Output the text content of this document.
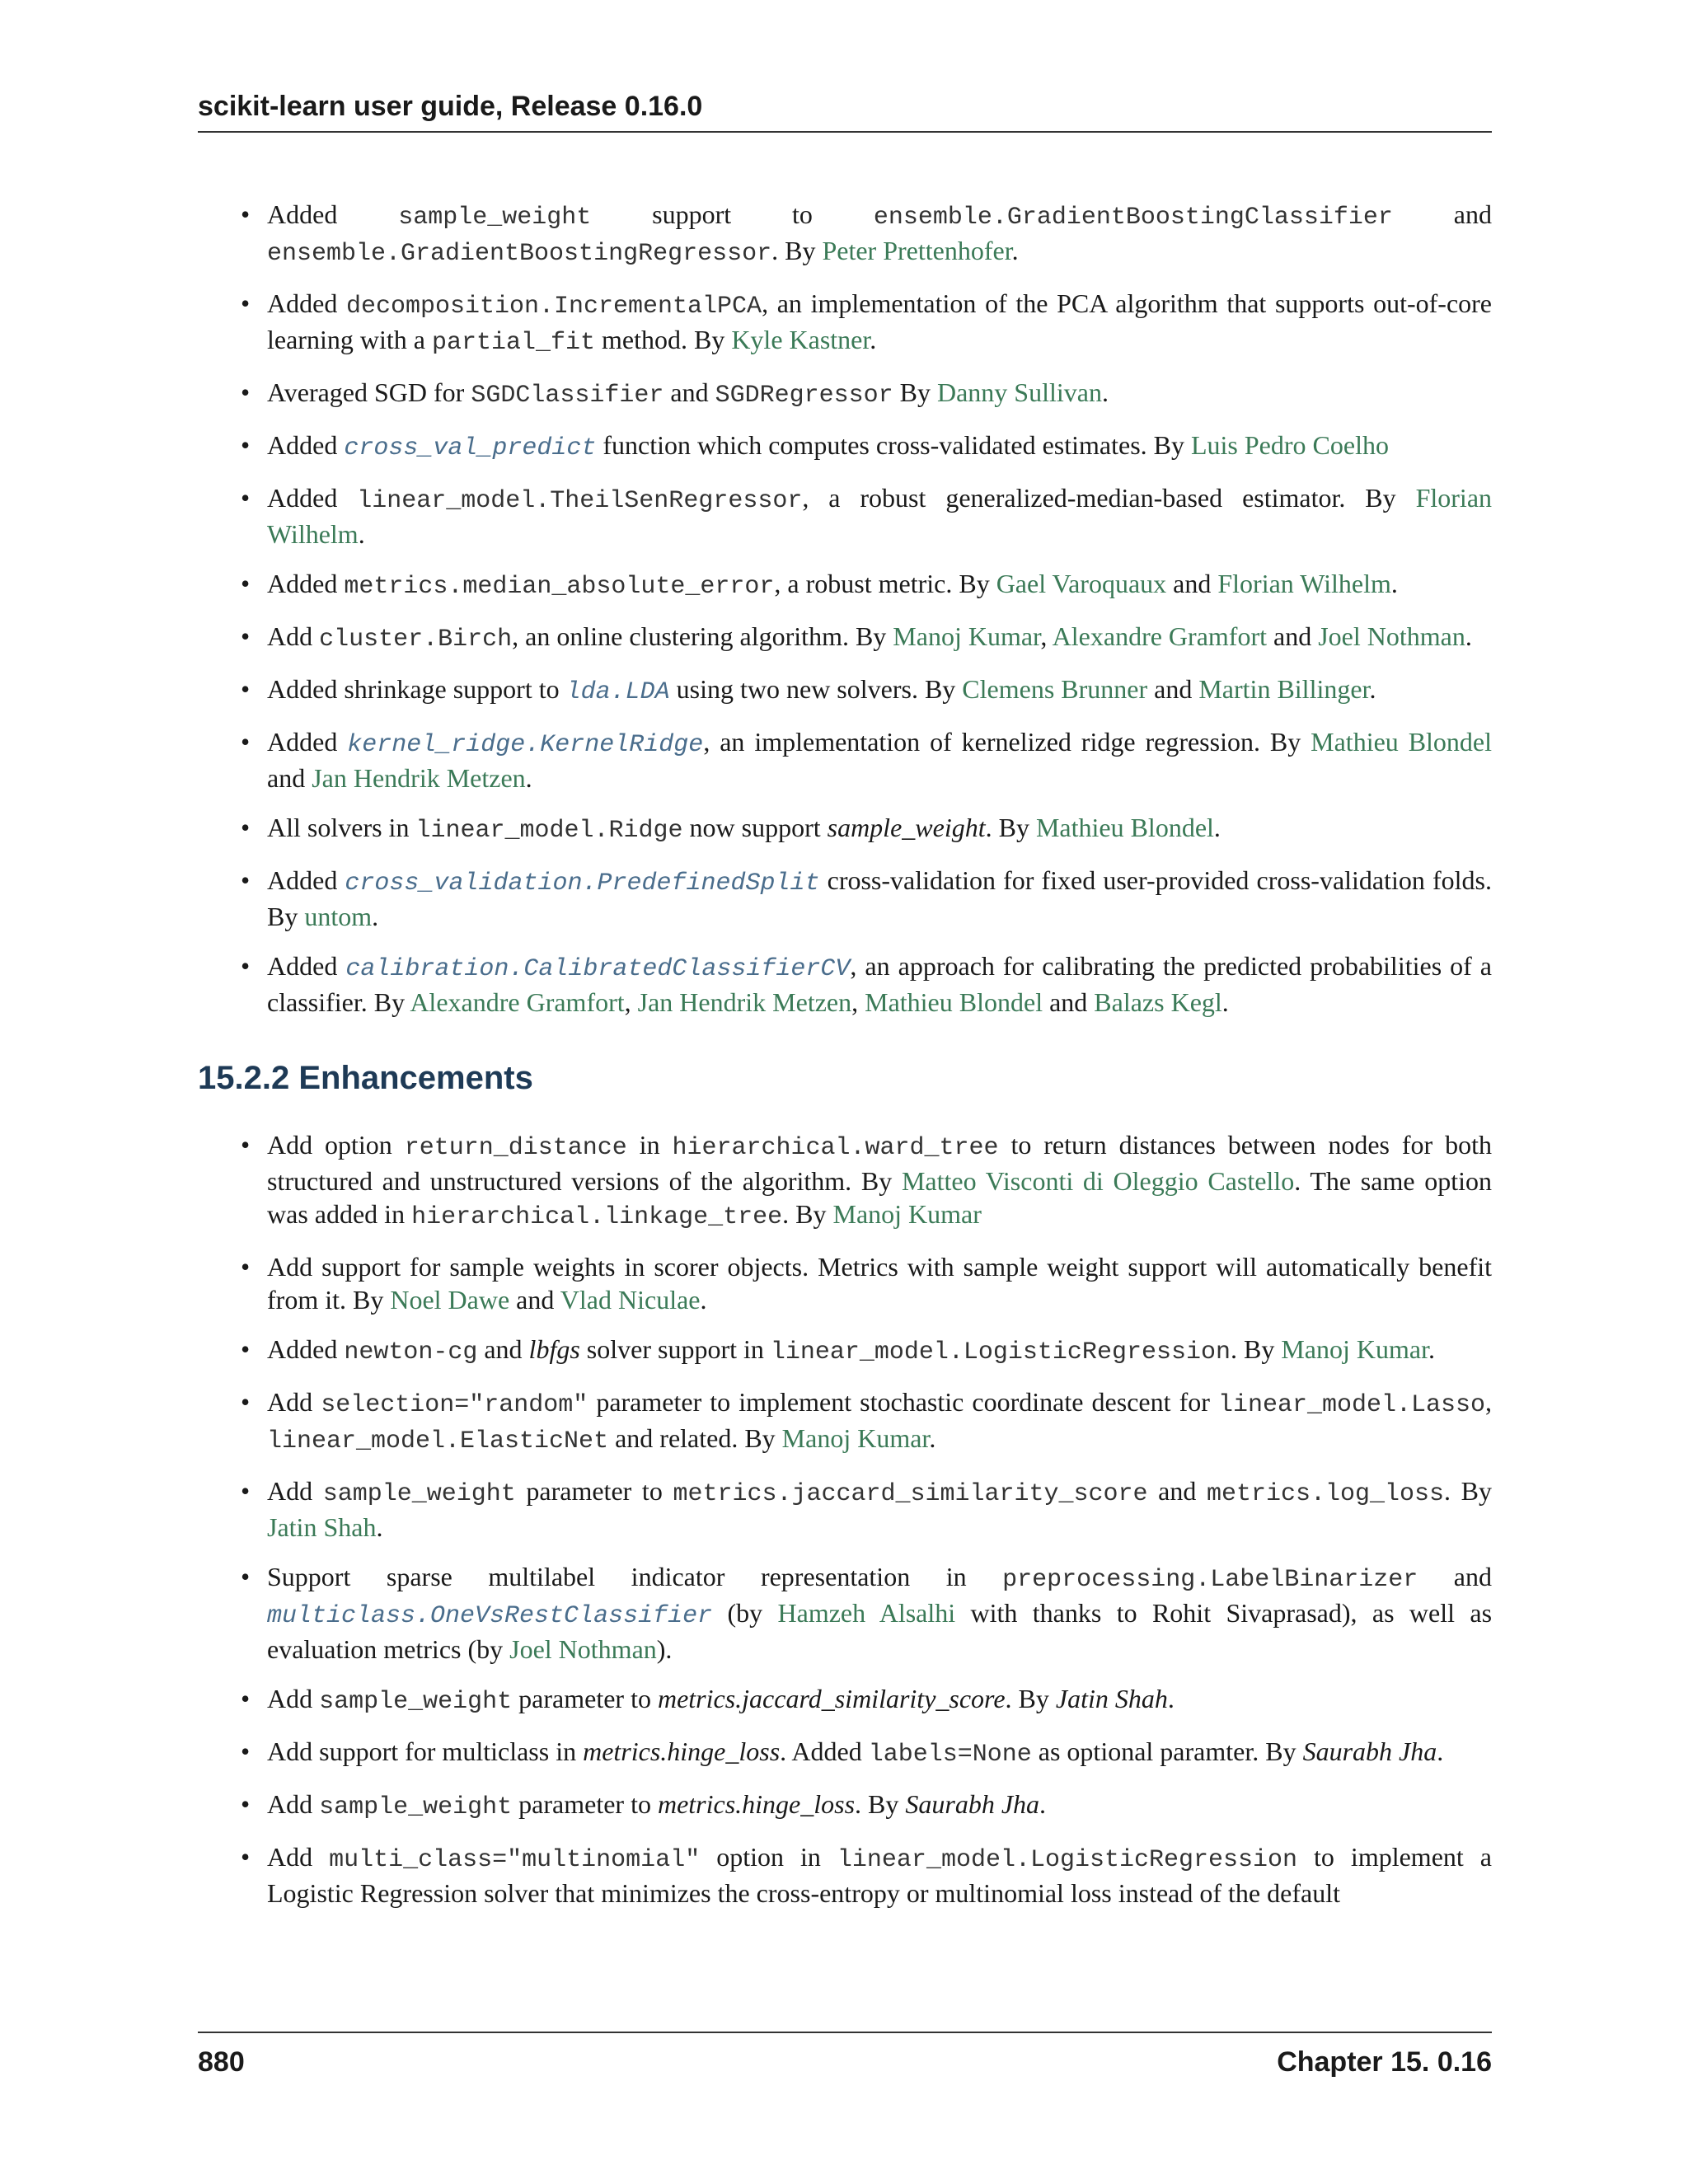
scikit-learn user guide, Release 0.16.0
• Added sample_weight support to ensemble.GradientBoostingClassifier and ensemble.GradientBoostingRegressor. By Peter Prettenhofer.
• Added decomposition.IncrementalPCA, an implementation of the PCA algorithm that supports out-of-core learning with a partial_fit method. By Kyle Kastner.
• Averaged SGD for SGDClassifier and SGDRegressor By Danny Sullivan.
• Added cross_val_predict function which computes cross-validated estimates. By Luis Pedro Coelho
• Added linear_model.TheilSenRegressor, a robust generalized-median-based estimator. By Florian Wilhelm.
• Added metrics.median_absolute_error, a robust metric. By Gael Varoquaux and Florian Wilhelm.
• Add cluster.Birch, an online clustering algorithm. By Manoj Kumar, Alexandre Gramfort and Joel Nothman.
• Added shrinkage support to lda.LDA using two new solvers. By Clemens Brunner and Martin Billinger.
• Added kernel_ridge.KernelRidge, an implementation of kernelized ridge regression. By Mathieu Blondel and Jan Hendrik Metzen.
• All solvers in linear_model.Ridge now support sample_weight. By Mathieu Blondel.
• Added cross_validation.PredefinedSplit cross-validation for fixed user-provided cross-validation folds. By untom.
• Added calibration.CalibratedClassifierCV, an approach for calibrating the predicted probabilities of a classifier. By Alexandre Gramfort, Jan Hendrik Metzen, Mathieu Blondel and Balazs Kegl.
15.2.2 Enhancements
• Add option return_distance in hierarchical.ward_tree to return distances between nodes for both structured and unstructured versions of the algorithm. By Matteo Visconti di Oleggio Castello. The same option was added in hierarchical.linkage_tree. By Manoj Kumar
• Add support for sample weights in scorer objects. Metrics with sample weight support will automatically benefit from it. By Noel Dawe and Vlad Niculae.
• Added newton-cg and lbfgs solver support in linear_model.LogisticRegression. By Manoj Kumar.
• Add selection="random" parameter to implement stochastic coordinate descent for linear_model.Lasso, linear_model.ElasticNet and related. By Manoj Kumar.
• Add sample_weight parameter to metrics.jaccard_similarity_score and metrics.log_loss. By Jatin Shah.
• Support sparse multilabel indicator representation in preprocessing.LabelBinarizer and multiclass.OneVsRestClassifier (by Hamzeh Alsalhi with thanks to Rohit Sivaprasad), as well as evaluation metrics (by Joel Nothman).
• Add sample_weight parameter to metrics.jaccard_similarity_score. By Jatin Shah.
• Add support for multiclass in metrics.hinge_loss. Added labels=None as optional paramter. By Saurabh Jha.
• Add sample_weight parameter to metrics.hinge_loss. By Saurabh Jha.
• Add multi_class="multinomial" option in linear_model.LogisticRegression to implement a Logistic Regression solver that minimizes the cross-entropy or multinomial loss instead of the default
880	Chapter 15. 0.16
